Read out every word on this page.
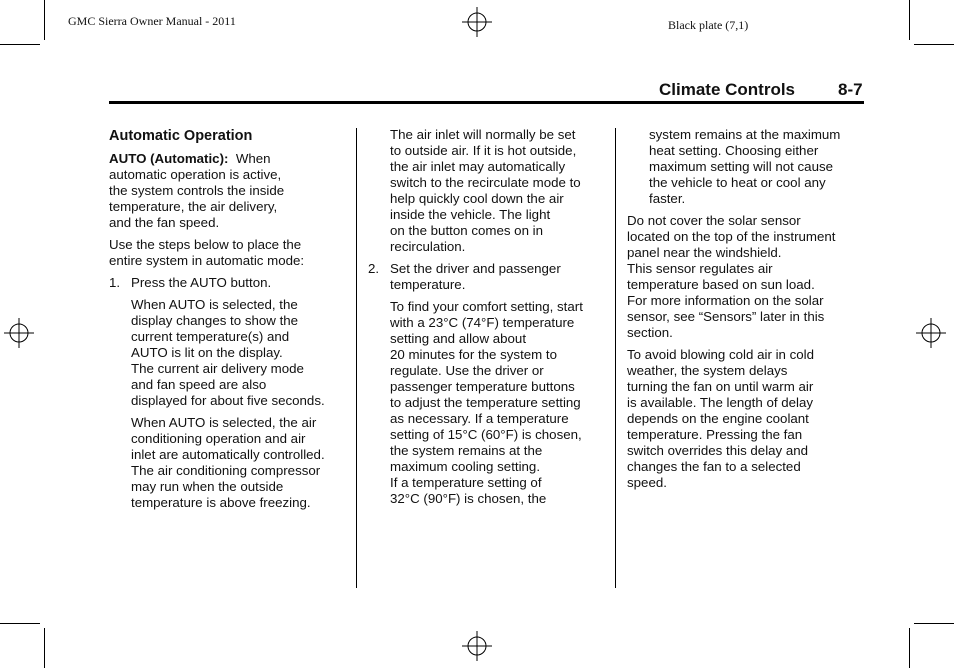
GMC Sierra Owner Manual - 2011	Black plate (7,1)
Climate Controls	8-7
Automatic Operation

AUTO (Automatic): When

automatic operation is active,
the system controls the inside
temperature, the air delivery,
and the fan speed.

Use the steps below to place the
entire system in automatic mode:

1. Press the AUTO button.

When AUTO is selected, the
display changes to show the
current temperature(s) and
AUTO is lit on the display.
The current air delivery mode
and fan speed are also
displayed for about five seconds.

When AUTO is selected, the air
conditioning operation and air
inlet are automatically controlled.
The air conditioning compressor
may run when the outside
temperature is above freezing.

The air inlet will normally be set
to outside air. If it is hot outside,
the air inlet may automatically
switch to the recirculate mode to
help quickly cool down the air
inside the vehicle. The light
on the button comes on in
recirculation.

2. Set the driver and passenger
temperature.

To find your comfort setting, start
with a 23°C (74°F) temperature
setting and allow about
20 minutes for the system to
regulate. Use the driver or
passenger temperature buttons
to adjust the temperature setting
as necessary. If a temperature
setting of 15°C (60°F) is chosen,
the system remains at the
maximum cooling setting.
If a temperature setting of
32°C (90°F) is chosen, the

system remains at the maximum
heat setting. Choosing either
maximum setting will not cause
the vehicle to heat or cool any
faster.

Do not cover the solar sensor
located on the top of the instrument
panel near the windshield.
This sensor regulates air
temperature based on sun load.
For more information on the solar
sensor, see “Sensors” later in this
section.

To avoid blowing cold air in cold
weather, the system delays
turning the fan on until warm air
is available. The length of delay
depends on the engine coolant
temperature. Pressing the fan
switch overrides this delay and
changes the fan to a selected
speed.
